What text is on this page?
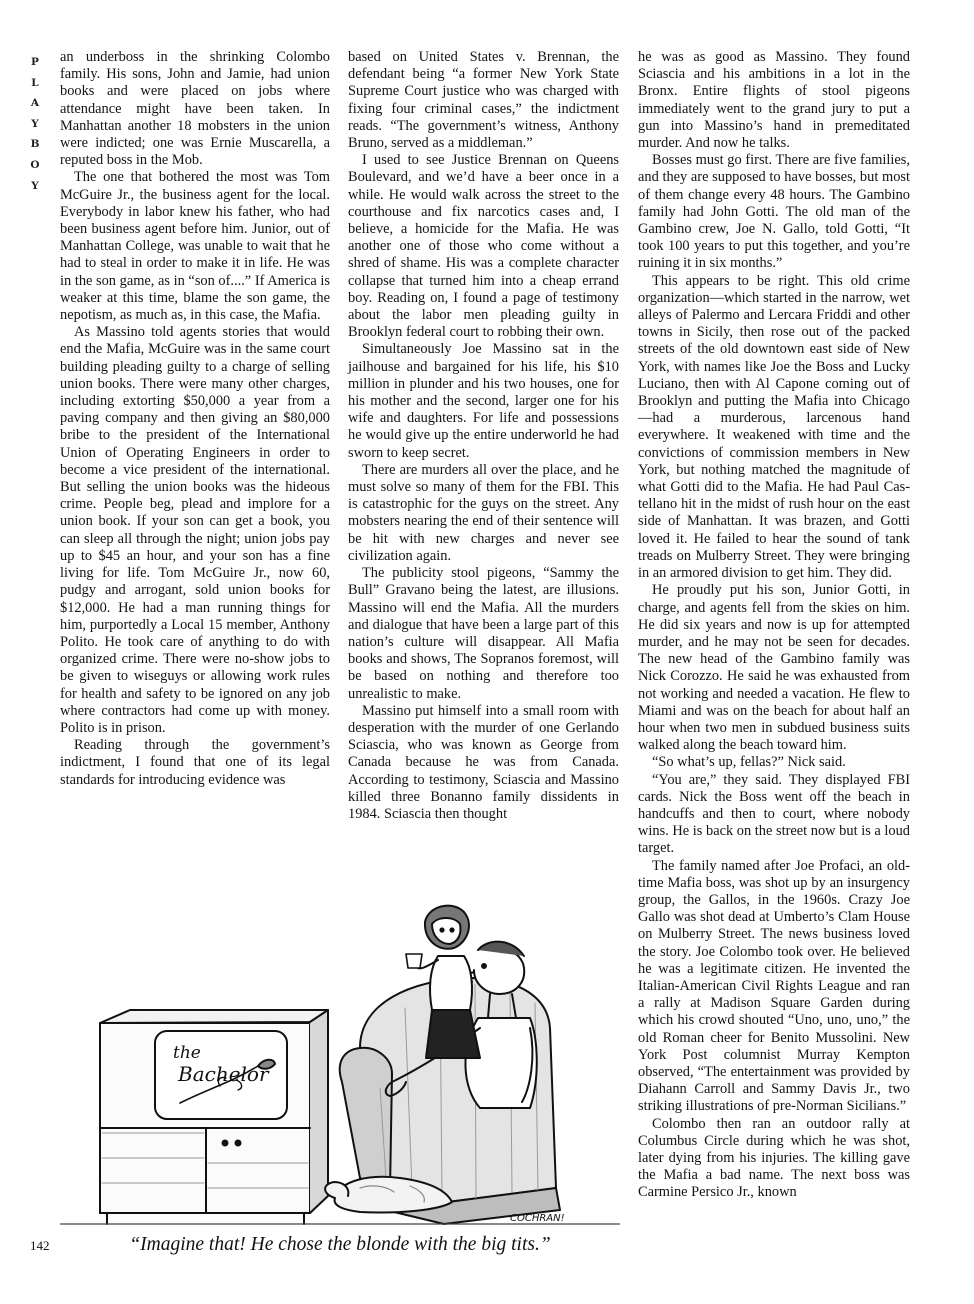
P
L
A
Y
B
O
Y

an underboss in the shrinking Colombo family. His sons, John and Jamie, had union books and were placed on jobs where attendance might have been taken. In Manhattan another 18 mobsters in the union were indicted; one was Ernie Muscarella, a reputed boss in the Mob.

The one that bothered the most was Tom McGuire Jr., the business agent for the local. Everybody in labor knew his father, who had been business agent before him. Junior, out of Manhattan College, was unable to wait that he had to steal in order to make it in life. He was in the son game, as in “son of....” If America is weaker at this time, blame the son game, the nepotism, as much as, in this case, the Mafia.

As Massino told agents stories that would end the Mafia, McGuire was in the same court building pleading guilty to a charge of selling union books. There were many other charges, including extorting $50,000 a year from a paving company and then giving an $80,000 bribe to the president of the International Union of Operating Engineers in order to become a vice president of the international. But selling the union books was the hideous crime. People beg, plead and implore for a union book. If your son can get a book, you can sleep all through the night; union jobs pay up to $45 an hour, and your son has a fine living for life. Tom McGuire Jr., now 60, pudgy and arrogant, sold union books for $12,000. He had a man running things for him, purportedly a Local 15 member, Anthony Polito. He took care of anything to do with organized crime. There were no-show jobs to be given to wiseguys or allowing work rules for health and safety to be ignored on any job where contractors had come up with money. Polito is in prison.

Reading through the government’s indictment, I found that one of its legal standards for introducing evidence was

based on United States v. Brennan, the defendant being “a former New York State Supreme Court justice who was charged with fixing four criminal cases,” the indictment reads. “The government’s witness, Anthony Bruno, served as a middleman.”

I used to see Justice Brennan on Queens Boulevard, and we’d have a beer once in a while. He would walk across the street to the courthouse and fix narcotics cases and, I believe, a homicide for the Mafia. He was another one of those who come without a shred of shame. His was a complete character collapse that turned him into a cheap errand boy. Reading on, I found a page of testimony about the labor men pleading guilty in Brooklyn federal court to robbing their own.

Simultaneously Joe Massino sat in the jailhouse and bargained for his life, his $10 million in plunder and his two houses, one for his mother and the second, larger one for his wife and daughters. For life and possessions he would give up the entire underworld he had sworn to keep secret.

There are murders all over the place, and he must solve so many of them for the FBI. This is catastrophic for the guys on the street. Any mobsters nearing the end of their sentence will be hit with new charges and never see civilization again.

The publicity stool pigeons, “Sammy the Bull” Gravano being the latest, are illusions. Massino will end the Mafia. All the murders and dialogue that have been a large part of this nation’s culture will disappear. All Mafia books and shows, The Sopranos foremost, will be based on nothing and therefore too unrealistic to make.

Massino put himself into a small room with desperation with the murder of one Gerlando Sciascia, who was known as George from Canada because he was from Canada. According to testimony, Sciascia and Massino killed three Bonanno family dissidents in 1984. Sciascia then thought

he was as good as Massino. They found Sciascia and his ambitions in a lot in the Bronx. Entire flights of stool pigeons immediately went to the grand jury to put a gun into Massino’s hand in premeditated murder. And now he talks.

Bosses must go first. There are five families, and they are supposed to have bosses, but most of them change every 48 hours. The Gambino family had John Gotti. The old man of the Gambino crew, Joe N. Gallo, told Gotti, “It took 100 years to put this together, and you’re ruining it in six months.”

This appears to be right. This old crime organization—which started in the narrow, wet alleys of Palermo and Lercara Friddi and other towns in Sicily, then rose out of the packed streets of the old downtown east side of New York, with names like Joe the Boss and Lucky Luciano, then with Al Capone coming out of Brooklyn and putting the Mafia into Chicago—had a murderous, larcenous hand everywhere. It weakened with time and the convictions of commission members in New York, but nothing matched the magnitude of what Gotti did to the Mafia. He had Paul Castellano hit in the midst of rush hour on the east side of Manhattan. It was brazen, and Gotti loved it. He failed to hear the sound of tank treads on Mulberry Street. They were bringing in an armored division to get him. They did.

He proudly put his son, Junior Gotti, in charge, and agents fell from the skies on him. He did six years and now is up for attempted murder, and he may not be seen for decades. The new head of the Gambino family was Nick Corozzo. He said he was exhausted from not working and needed a vacation. He flew to Miami and was on the beach for about half an hour when two men in subdued business suits walked along the beach toward him.

“So what’s up, fellas?” Nick said.

“You are,” they said. They displayed FBI cards. Nick the Boss went off the beach in handcuffs and then to court, where nobody wins. He is back on the street now but is a loud target.

The family named after Joe Profaci, an old-time Mafia boss, was shot up by an insurgency group, the Gallos, in the 1960s. Crazy Joe Gallo was shot dead at Umberto’s Clam House on Mulberry Street. The news business loved the story. Joe Colombo took over. He believed he was a legitimate citizen. He invented the Italian-American Civil Rights League and ran a rally at Madison Square Garden during which his crowd shouted “Uno, uno, uno,” the old Roman cheer for Benito Mussolini. New York Post columnist Murray Kempton observed, “The entertainment was provided by Diahann Carroll and Sammy Davis Jr., two striking illustrations of pre-Norman Sicilians.”

Colombo then ran an outdoor rally at Columbus Circle during which he was shot, later dying from his injuries. The killing gave the Mafia a bad name. The next boss was Carmine Persico Jr., known

the
Bachelor
COCHRAN!
“Imagine that! He chose the blonde with the big tits.”
142
